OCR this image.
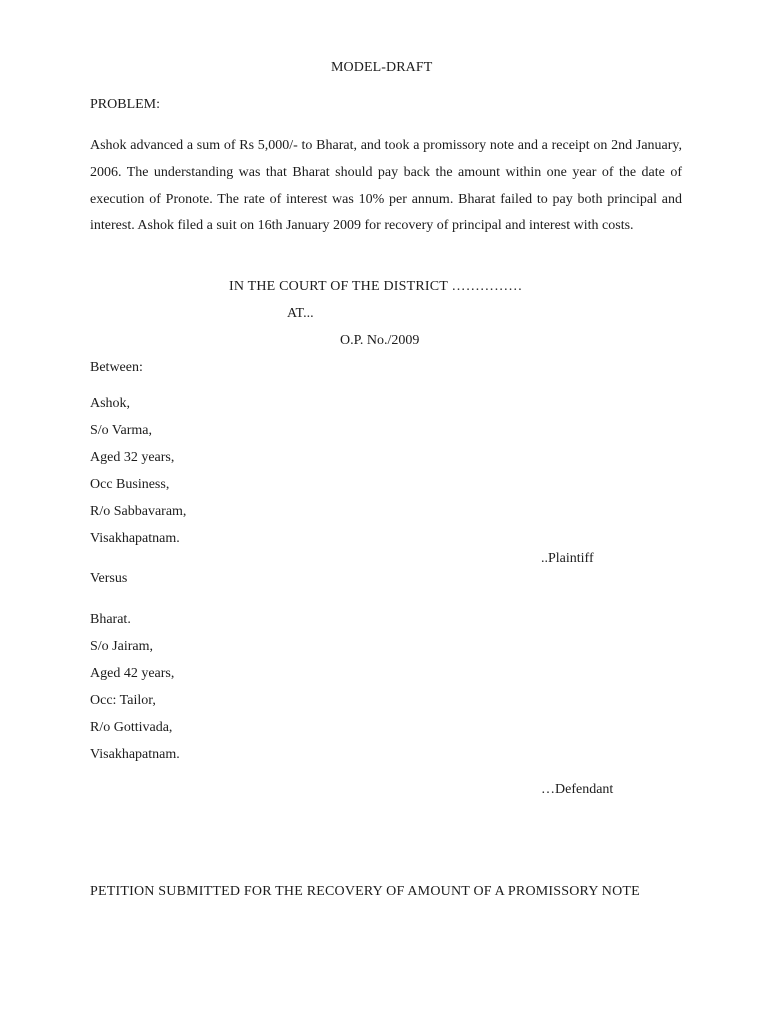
MODEL-DRAFT
PROBLEM:
Ashok advanced a sum of Rs 5,000/- to Bharat, and took a promissory note and a receipt on 2nd January, 2006. The understanding was that Bharat should pay back the amount within one year of the date of execution of Pronote. The rate of interest was 10% per annum. Bharat failed to pay both principal and interest. Ashok filed a suit on 16th January 2009 for recovery of principal and interest with costs.
IN THE COURT OF THE DISTRICT ……………
AT...
O.P. No./2009
Between:
Ashok,
S/o Varma,
Aged 32 years,
Occ Business,
R/o Sabbavaram,
Visakhapatnam.
..Plaintiff
Versus
Bharat.
S/o Jairam,
Aged 42 years,
Occ: Tailor,
R/o Gottivada,
Visakhapatnam.
…Defendant
PETITION SUBMITTED FOR THE RECOVERY OF AMOUNT OF A PROMISSORY NOTE
